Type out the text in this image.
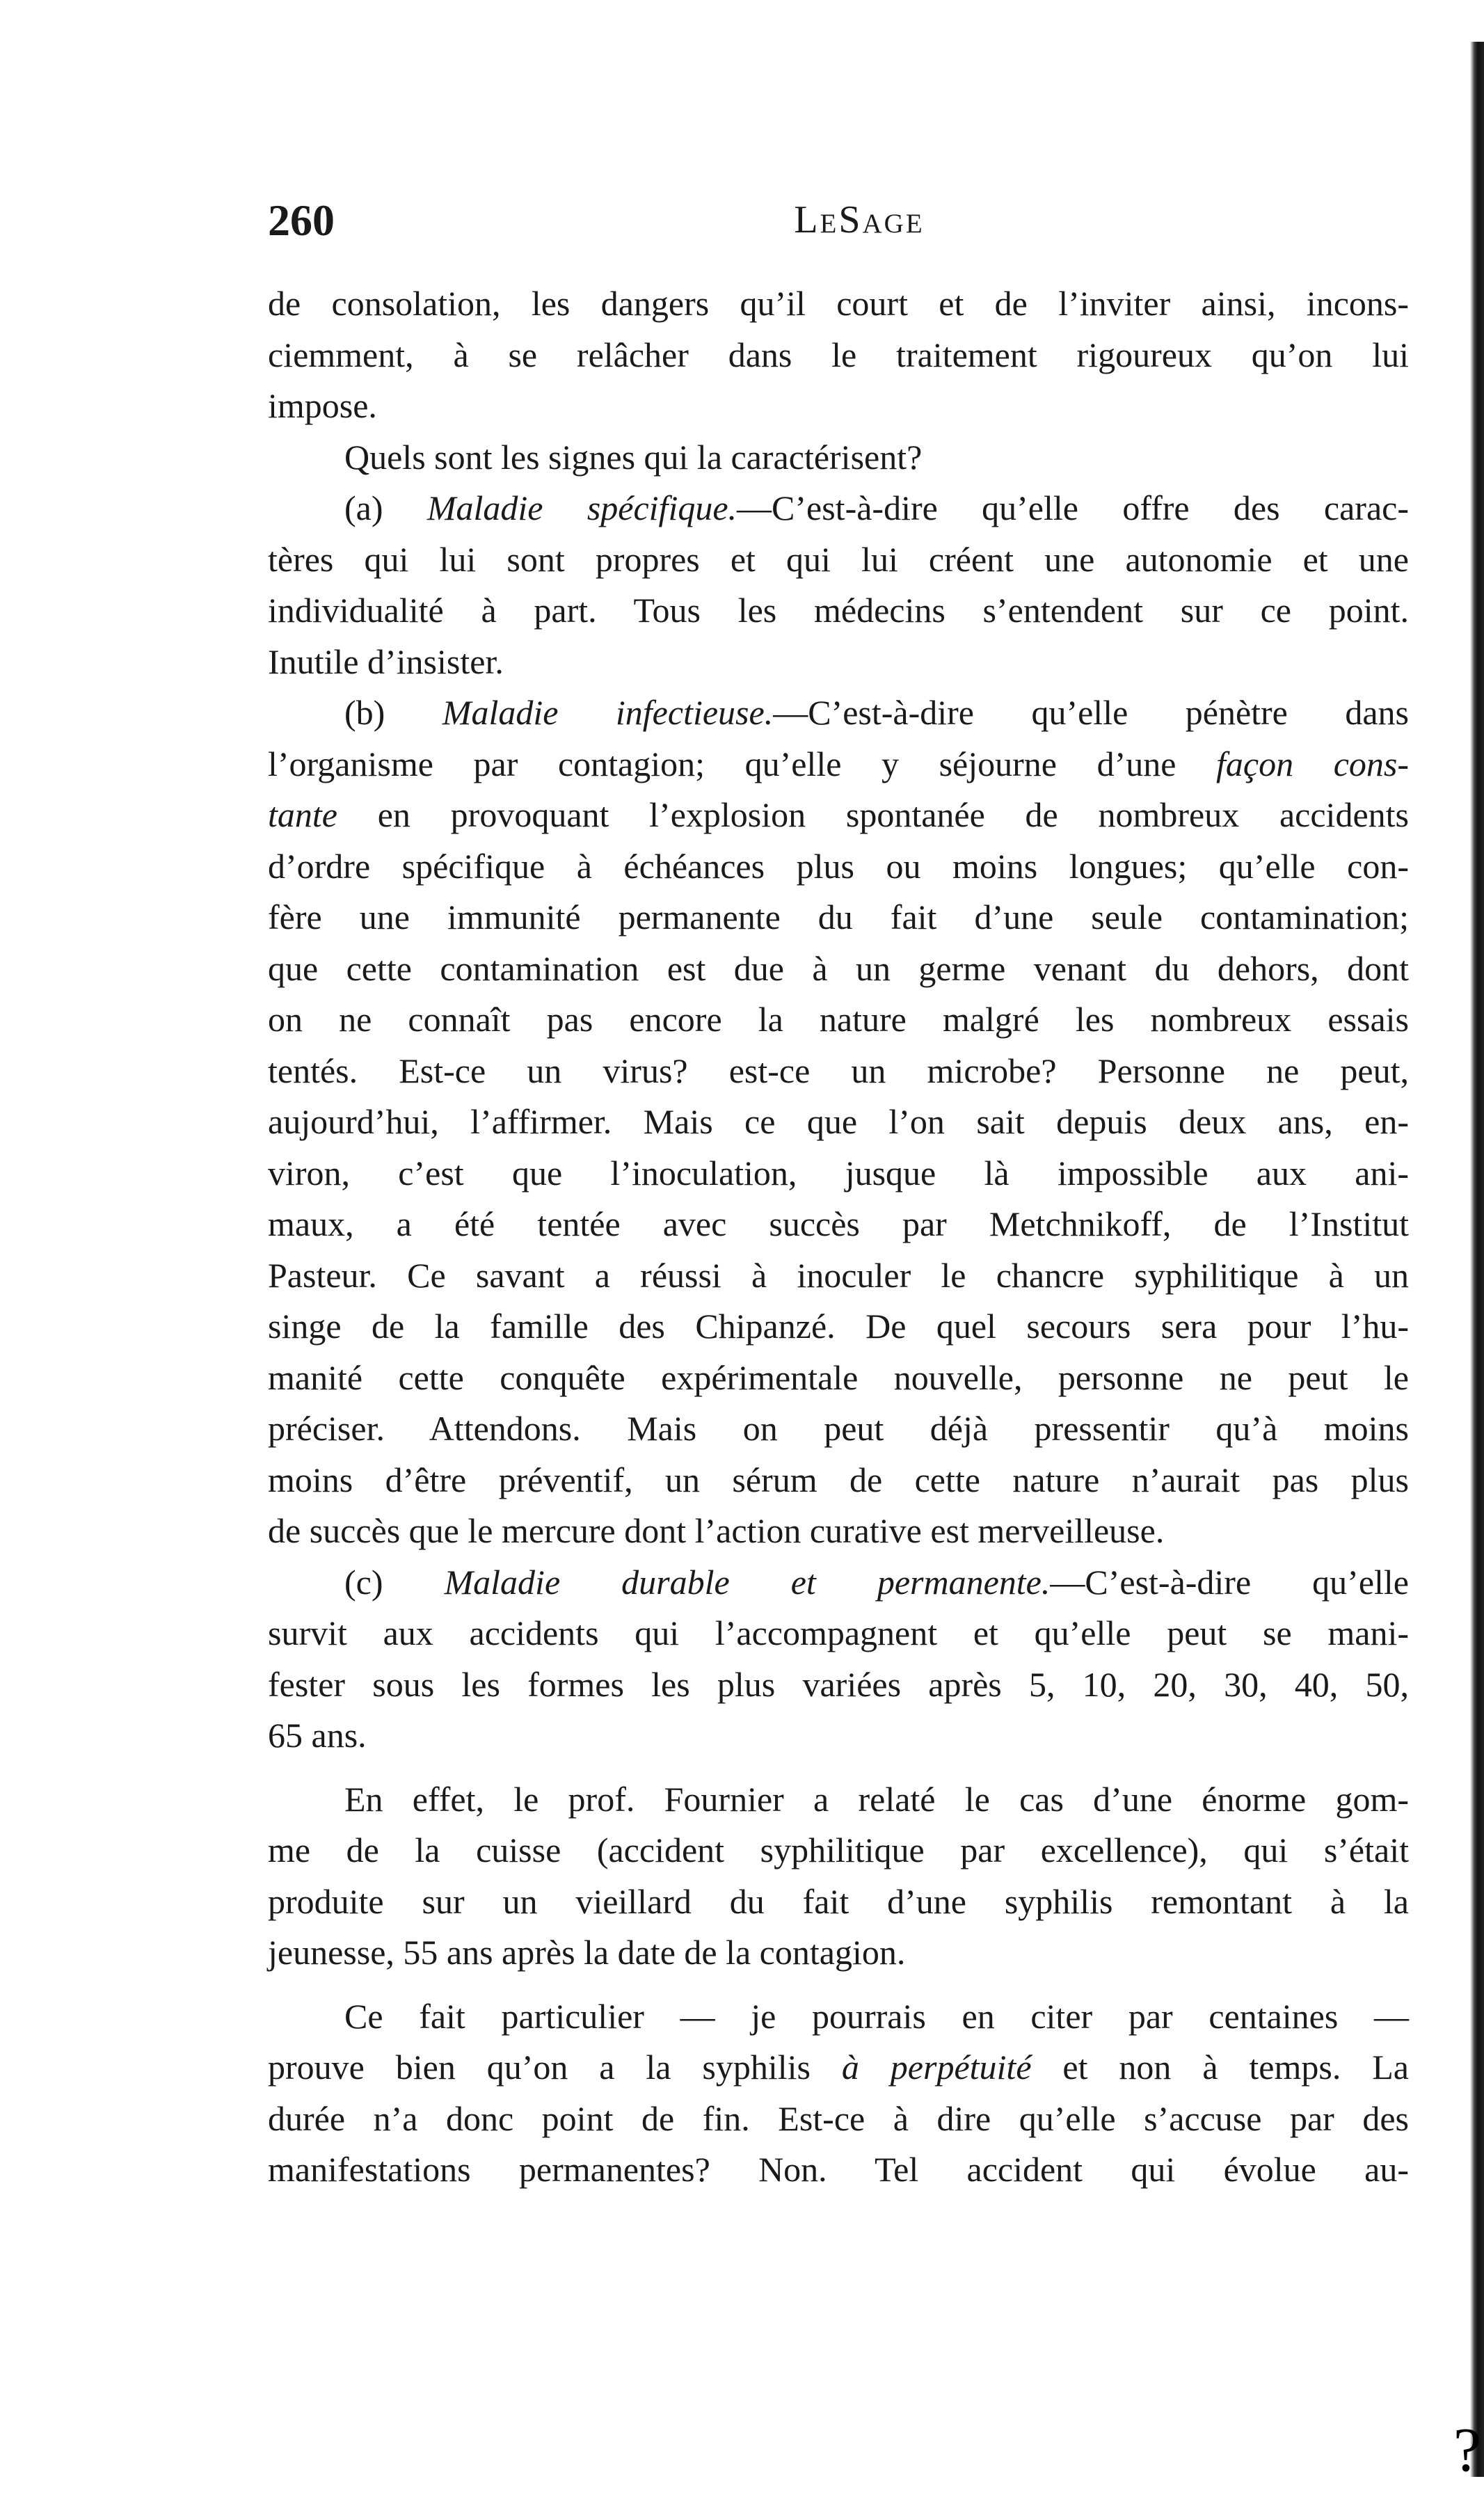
?
260	LeSage
de consolation, les dangers qu’il court et de l’inviter ainsi, incons-
ciemment, à se relâcher dans le traitement rigoureux qu’on lui
impose.
Quels sont les signes qui la caractérisent?
(a) Maladie spécifique.—C’est-à-dire qu’elle offre des carac-
tères qui lui sont propres et qui lui créent une autonomie et une
individualité à part. Tous les médecins s’entendent sur ce point.
Inutile d’insister.
(b) Maladie infectieuse.—C’est-à-dire qu’elle pénètre dans
l’organisme par contagion; qu’elle y séjourne d’une façon cons-
tante en provoquant l’explosion spontanée de nombreux accidents
d’ordre spécifique à échéances plus ou moins longues; qu’elle con-
fère une immunité permanente du fait d’une seule contamination;
que cette contamination est due à un germe venant du dehors, dont
on ne connaît pas encore la nature malgré les nombreux essais
tentés. Est-ce un virus? est-ce un microbe? Personne ne peut,
aujourd’hui, l’affirmer. Mais ce que l’on sait depuis deux ans, en-
viron, c’est que l’inoculation, jusque là impossible aux ani-
maux, a été tentée avec succès par Metchnikoff, de l’Institut
Pasteur. Ce savant a réussi à inoculer le chancre syphilitique à un
singe de la famille des Chipanzé. De quel secours sera pour l’hu-
manité cette conquête expérimentale nouvelle, personne ne peut le
préciser. Attendons. Mais on peut déjà pressentir qu’à moins
moins d’être préventif, un sérum de cette nature n’aurait pas plus
de succès que le mercure dont l’action curative est merveilleuse.
(c) Maladie durable et permanente.—C’est-à-dire qu’elle
survit aux accidents qui l’accompagnent et qu’elle peut se mani-
fester sous les formes les plus variées après 5, 10, 20, 30, 40, 50,
65 ans.
En effet, le prof. Fournier a relaté le cas d’une énorme gom-
me de la cuisse (accident syphilitique par excellence), qui s’était
produite sur un vieillard du fait d’une syphilis remontant à la
jeunesse, 55 ans après la date de la contagion.
Ce fait particulier — je pourrais en citer par centaines —
prouve bien qu’on a la syphilis à perpétuité et non à temps. La
durée n’a donc point de fin. Est-ce à dire qu’elle s’accuse par des
manifestations permanentes? Non. Tel accident qui évolue au-
